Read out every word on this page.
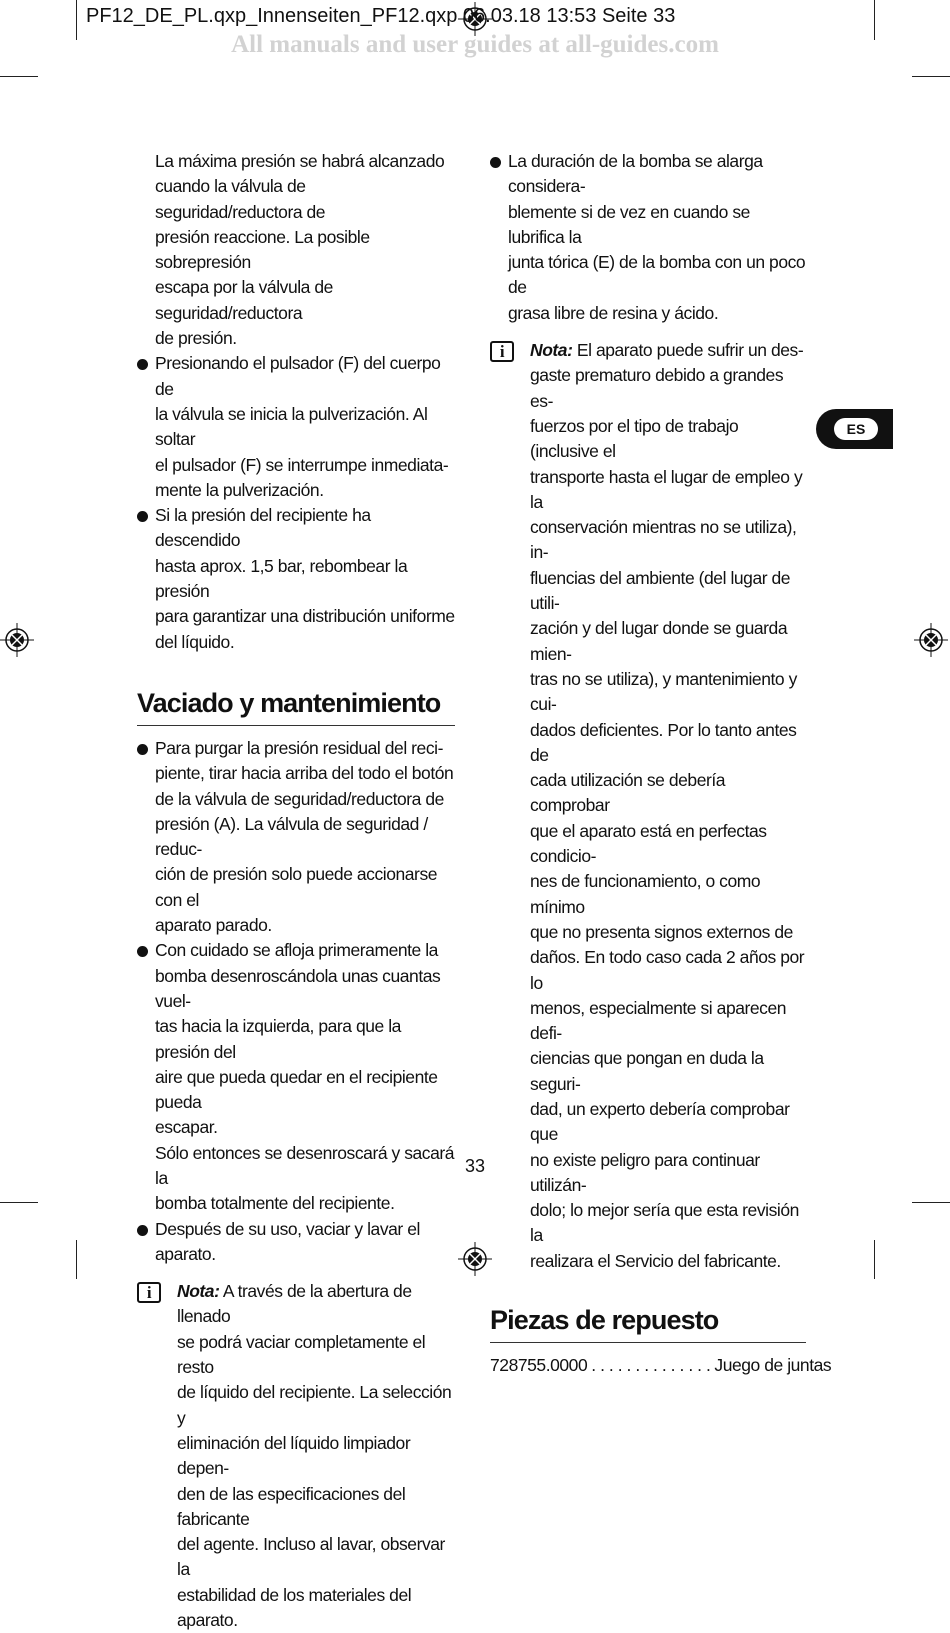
PF12_DE_PL.qxp_Innenseiten_PF12.qxp 06.03.18 13:53 Seite 33
All manuals and user guides at all-guides.com
ES

La máxima presión se habrá alcanzado

cuando la válvula de seguridad/reductora de

presión reaccione. La posible sobrepresión

escapa por la válvula de seguridad/reductora

de presión.

Presionando el pulsador (F) del cuerpo de

la válvula se inicia la pulverización. Al soltar

el pulsador (F) se interrumpe inmediata-

mente la pulverización.

Si la presión del recipiente ha descendido

hasta aprox. 1,5 bar, rebombear la presión

para garantizar una distribución uniforme

del líquido.

Vaciado y mantenimiento

Para purgar la presión residual del reci-

piente, tirar hacia arriba del todo el botón

de la válvula de seguridad/reductora de

presión (A). La válvula de seguridad / reduc-

ción de presión solo puede accionarse con el

aparato parado.

Con cuidado se afloja primeramente la

bomba desenroscándola unas cuantas vuel-

tas hacia la izquierda, para que la presión del

aire que pueda quedar en el recipiente pueda

escapar.

Sólo entonces se desenroscará y sacará la

bomba totalmente del recipiente.

Después de su uso, vaciar y lavar el aparato.

i	Nota: A través de la abertura de llenado

se podrá vaciar completamente el resto

de líquido del recipiente. La selección y

eliminación del líquido limpiador depen-

den de las especificaciones del fabricante

del agente. Incluso al lavar, observar la

estabilidad de los materiales del aparato.

La duración de la bomba se alarga considera-

blemente si de vez en cuando se lubrifica la

junta tórica (E) de la bomba con un poco de

grasa libre de resina y ácido.

i	Nota: El aparato puede sufrir un des-

gaste prematuro debido a grandes es-

fuerzos por el tipo de trabajo (inclusive el

transporte hasta el lugar de empleo y la

conservación mientras no se utiliza), in-

fluencias del ambiente (del lugar de utili-

zación y del lugar donde se guarda mien-

tras no se utiliza), y mantenimiento y cui-

dados deficientes. Por lo tanto antes de

cada utilización se debería comprobar

que el aparato está en perfectas condicio-

nes de funcionamiento, o como mínimo

que no presenta signos externos de

daños. En todo caso cada 2 años por lo

menos, especialmente si aparecen defi-

ciencias que pongan en duda la seguri-

dad, un experto debería comprobar que

no existe peligro para continuar utilizán-

dolo; lo mejor sería que esta revisión la

realizara el Servicio del fabricante.

Piezas de repuesto
728755.0000 . . . . . . . . . . . . . . Juego de juntas
33
